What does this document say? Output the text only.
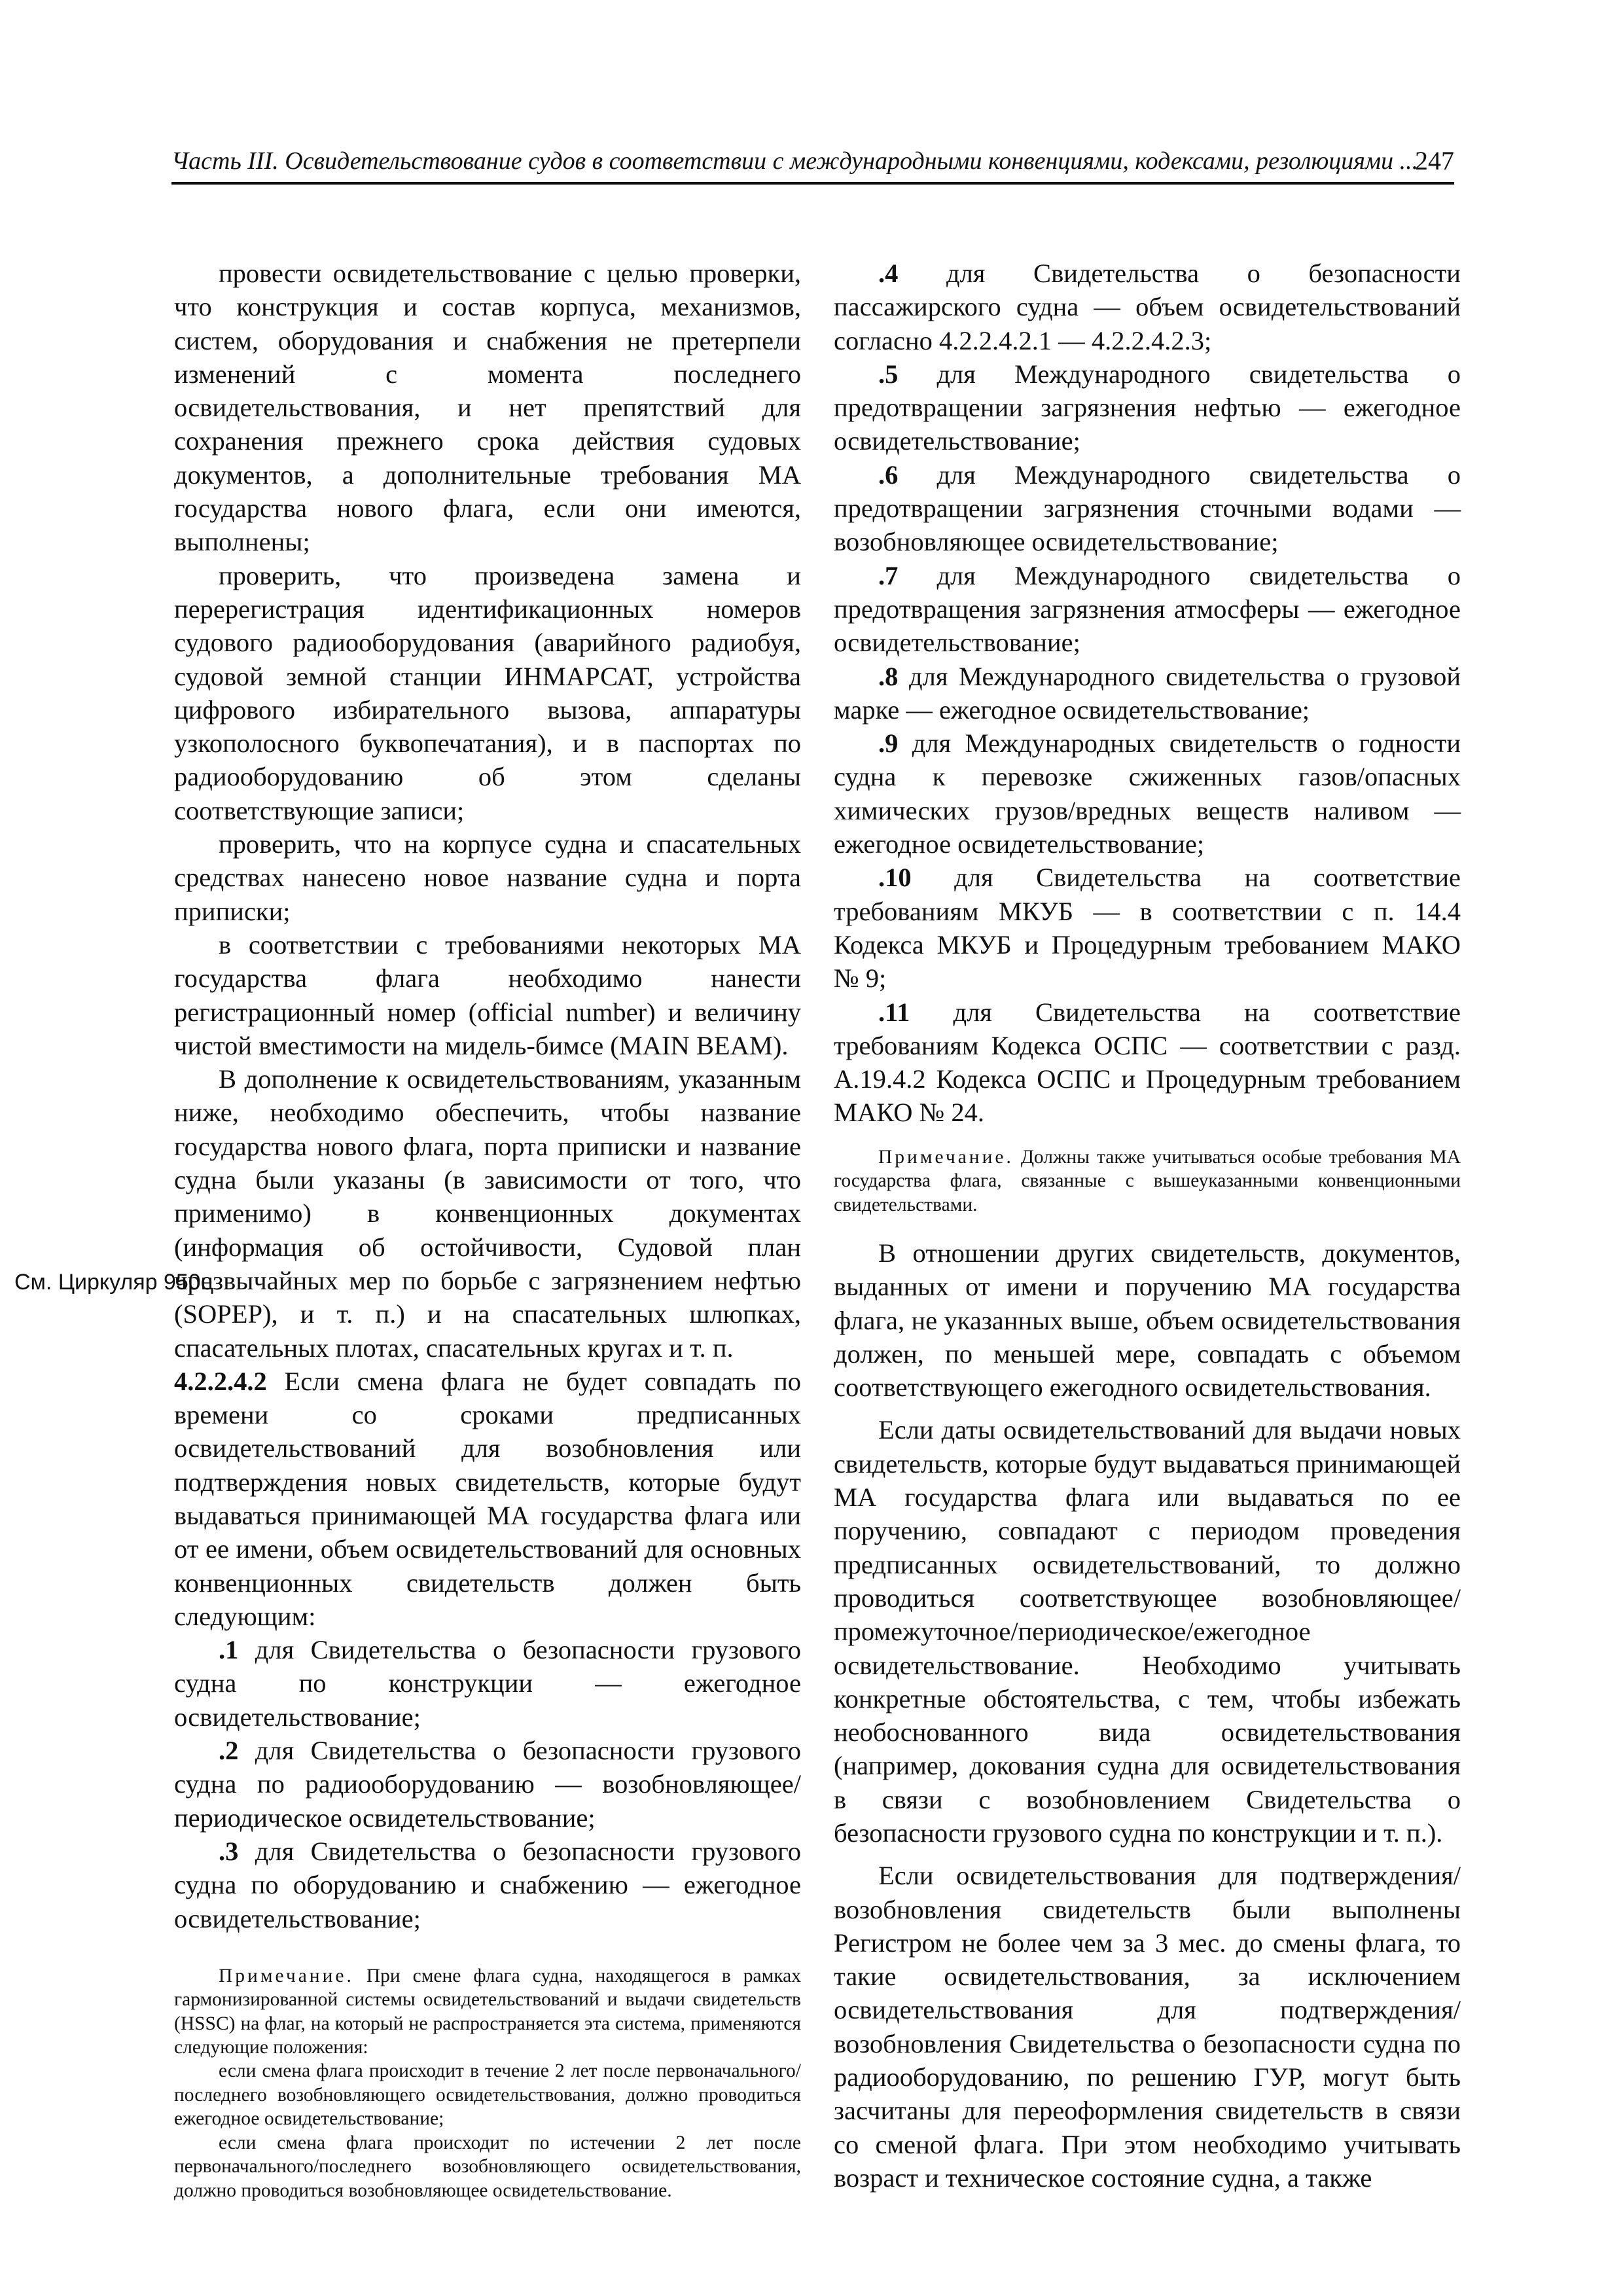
Часть III. Освидетельствование судов в соответствии с международными конвенциями, кодексами, резолюциями ...
247
См. Циркуляр 950ц

провести освидетельствование с целью проверки, что конструкция и состав корпуса, механизмов, систем, оборудования и снабжения не претерпели изменений с момента последнего освидетельствования, и нет препятствий для сохранения прежнего срока действия судовых документов, а дополнительные требования МА государства нового флага, если они имеются, выполнены;

проверить, что произведена замена и перерегистрация идентификационных номеров судового радиооборудования (аварийного радиобуя, судовой земной станции ИНМАРСАТ, устройства цифрового избирательного вызова, аппаратуры узкополосного буквопечатания), и в паспортах по радиооборудованию об этом сделаны соответствующие записи;

проверить, что на корпусе судна и спасательных средствах нанесено новое название судна и порта приписки;

в соответствии с требованиями некоторых МА государства флага необходимо нанести регистрационный номер (official number) и величину чистой вместимости на мидель-бимсе (MAIN BEAM).

В дополнение к освидетельствованиям, указанным ниже, необходимо обеспечить, чтобы название государства нового флага, порта приписки и название судна были указаны (в зависимости от того, что применимо) в конвенционных документах (информация об остойчивости, Судовой план чрезвычайных мер по борьбе с загрязнением нефтью (SOPEP), и т. п.) и на спасательных шлюпках, спасательных плотах, спасательных кругах и т. п.

4.2.2.4.2 Если смена флага не будет совпадать по времени со сроками предписанных освидетельствований для возобновления или подтверждения новых свидетельств, которые будут выдаваться принимающей МА государства флага или от ее имени, объем освидетельствований для основных конвенционных свидетельств должен быть следующим:

.1 для Свидетельства о безопасности грузового судна по конструкции — ежегодное освидетельствование;

.2 для Свидетельства о безопасности грузового судна по радиооборудованию — возобновляющее/ периодическое освидетельствование;

.3 для Свидетельства о безопасности грузового судна по оборудованию и снабжению — ежегодное освидетельствование;

Примечание. При смене флага судна, находящегося в рамках гармонизированной системы освидетельствований и выдачи свидетельств (HSSC) на флаг, на который не распространяется эта система, применяются следующие положения:

если смена флага происходит в течение 2 лет после первоначального/последнего возобновляющего освидетельствования, должно проводиться ежегодное освидетельствование;

если смена флага происходит по истечении 2 лет после первоначального/последнего возобновляющего освидетельствования, должно проводиться возобновляющее освидетельствование.

.4 для Свидетельства о безопасности пассажирского судна — объем освидетельствований согласно 4.2.2.4.2.1 — 4.2.2.4.2.3;

.5 для Международного свидетельства о предотвращении загрязнения нефтью — ежегодное освидетельствование;

.6 для Международного свидетельства о предотвращении загрязнения сточными водами — возобновляющее освидетельствование;

.7 для Международного свидетельства о предотвращения загрязнения атмосферы — ежегодное освидетельствование;

.8 для Международного свидетельства о грузовой марке — ежегодное освидетельствование;

.9 для Международных свидетельств о годности судна к перевозке сжиженных газов/опасных химических грузов/вредных веществ наливом — ежегодное освидетельствование;

.10 для Свидетельства на соответствие требованиям МКУБ — в соответствии с п. 14.4 Кодекса МКУБ и Процедурным требованием МАКО № 9;

.11 для Свидетельства на соответствие требованиям Кодекса ОСПС — соответствии с разд. А.19.4.2 Кодекса ОСПС и Процедурным требованием МАКО № 24.

Примечание. Должны также учитываться особые требования МА государства флага, связанные с вышеуказанными конвенционными свидетельствами.

В отношении других свидетельств, документов, выданных от имени и поручению МА государства флага, не указанных выше, объем освидетельствования должен, по меньшей мере, совпадать с объемом соответствующего ежегодного освидетельствования.

Если даты освидетельствований для выдачи новых свидетельств, которые будут выдаваться принимающей МА государства флага или выдаваться по ее поручению, совпадают с периодом проведения предписанных освидетельствований, то должно проводиться соответствующее возобновляющее/промежуточное/периодическое/ежегодное освидетельствование. Необходимо учитывать конкретные обстоятельства, с тем, чтобы избежать необоснованного вида освидетельствования (например, докования судна для освидетельствования в связи с возобновлением Свидетельства о безопасности грузового судна по конструкции и т. п.).

Если освидетельствования для подтверждения/ возобновления свидетельств были выполнены Регистром не более чем за 3 мес. до смены флага, то такие освидетельствования, за исключением освидетельствования для подтверждения/возобновления Свидетельства о безопасности судна по радиооборудованию, по решению ГУР, могут быть засчитаны для переоформления свидетельств в связи со сменой флага. При этом необходимо учитывать возраст и техническое состояние судна, а также
